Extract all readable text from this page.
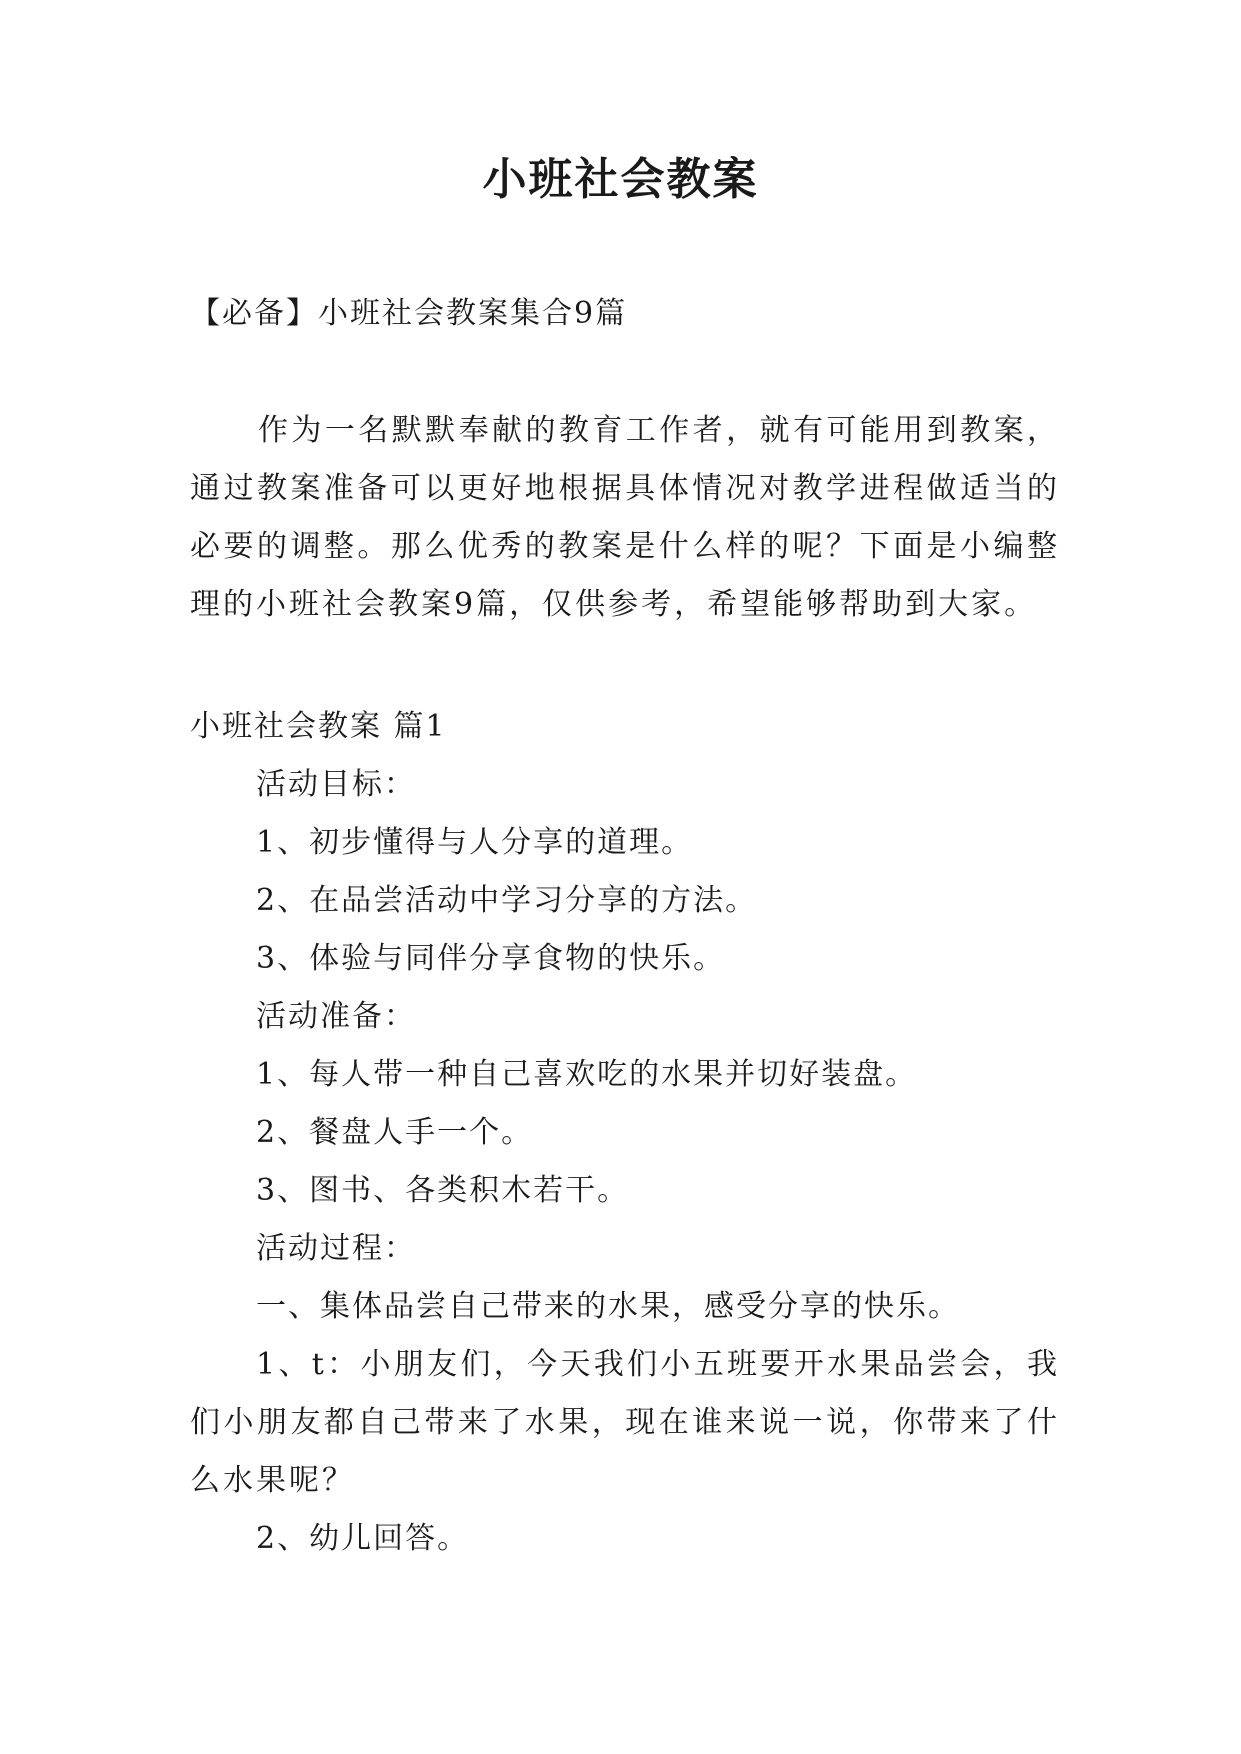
小班社会教案
【必备】小班社会教案集合9篇

作为一名默默奉献的教育工作者，就有可能用到教案，通过教案准备可以更好地根据具体情况对教学进程做适当的必要的调整。那么优秀的教案是什么样的呢？下面是小编整理的小班社会教案9篇，仅供参考，希望能够帮助到大家。

小班社会教案 篇1

活动目标：

1、初步懂得与人分享的道理。

2、在品尝活动中学习分享的方法。

3、体验与同伴分享食物的快乐。

活动准备：

1、每人带一种自己喜欢吃的水果并切好装盘。

2、餐盘人手一个。

3、图书、各类积木若干。

活动过程：

一、集体品尝自己带来的水果，感受分享的快乐。

1、t：小朋友们，今天我们小五班要开水果品尝会，我们小朋友都自己带来了水果，现在谁来说一说，你带来了什么水果呢？

2、幼儿回答。
